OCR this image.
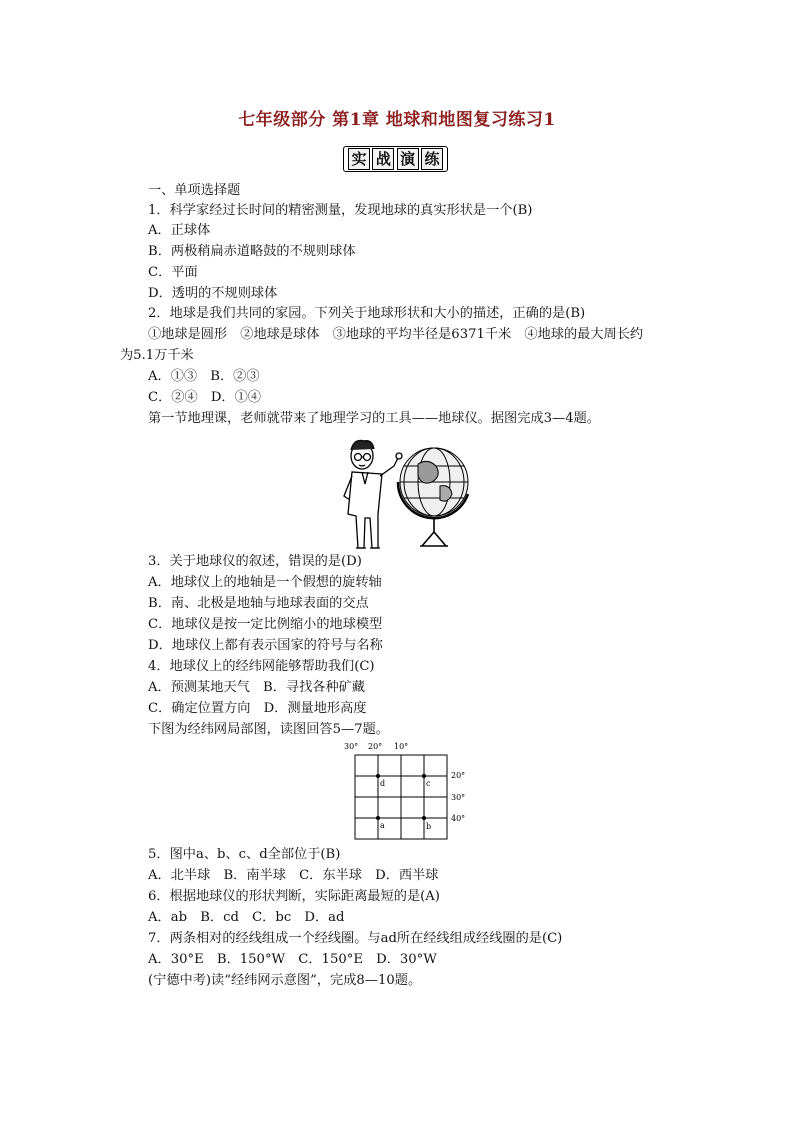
七年级部分 第1章 地球和地图复习练习1
实 战 演 练
一、单项选择题
1．科学家经过长时间的精密测量，发现地球的真实形状是一个(B)
A．正球体
B．两极稍扁赤道略鼓的不规则球体
C．平面
D．透明的不规则球体
2．地球是我们共同的家园。下列关于地球形状和大小的描述，正确的是(B)
①地球是圆形　②地球是球体　③地球的平均半径是6371千米　④地球的最大周长约
为5.1万千米
A．①③　B．②③
C．②④　D．①④
第一节地理课，老师就带来了地理学习的工具——地球仪。据图完成3—4题。
3．关于地球仪的叙述，错误的是(D)
A．地球仪上的地轴是一个假想的旋转轴
B．南、北极是地轴与地球表面的交点
C．地球仪是按一定比例缩小的地球模型
D．地球仪上都有表示国家的符号与名称
4．地球仪上的经纬网能够帮助我们(C)
A．预测某地天气　B．寻找各种矿藏
C．确定位置方向　D．测量地形高度
下图为经纬网局部图，读图回答5—7题。
30° 20° 10°
20°
30°
40°
d	c
a	b
5．图中a、b、c、d全部位于(B)
A．北半球　B．南半球　C．东半球　D．西半球
6．根据地球仪的形状判断，实际距离最短的是(A)
A．ab　B．cd　C．bc　D．ad
7．两条相对的经线组成一个经线圈。与ad所在经线组成经线圈的是(C)
A．30°E　B．150°W　C．150°E　D．30°W
(宁德中考)读“经纬网示意图”，完成8—10题。
